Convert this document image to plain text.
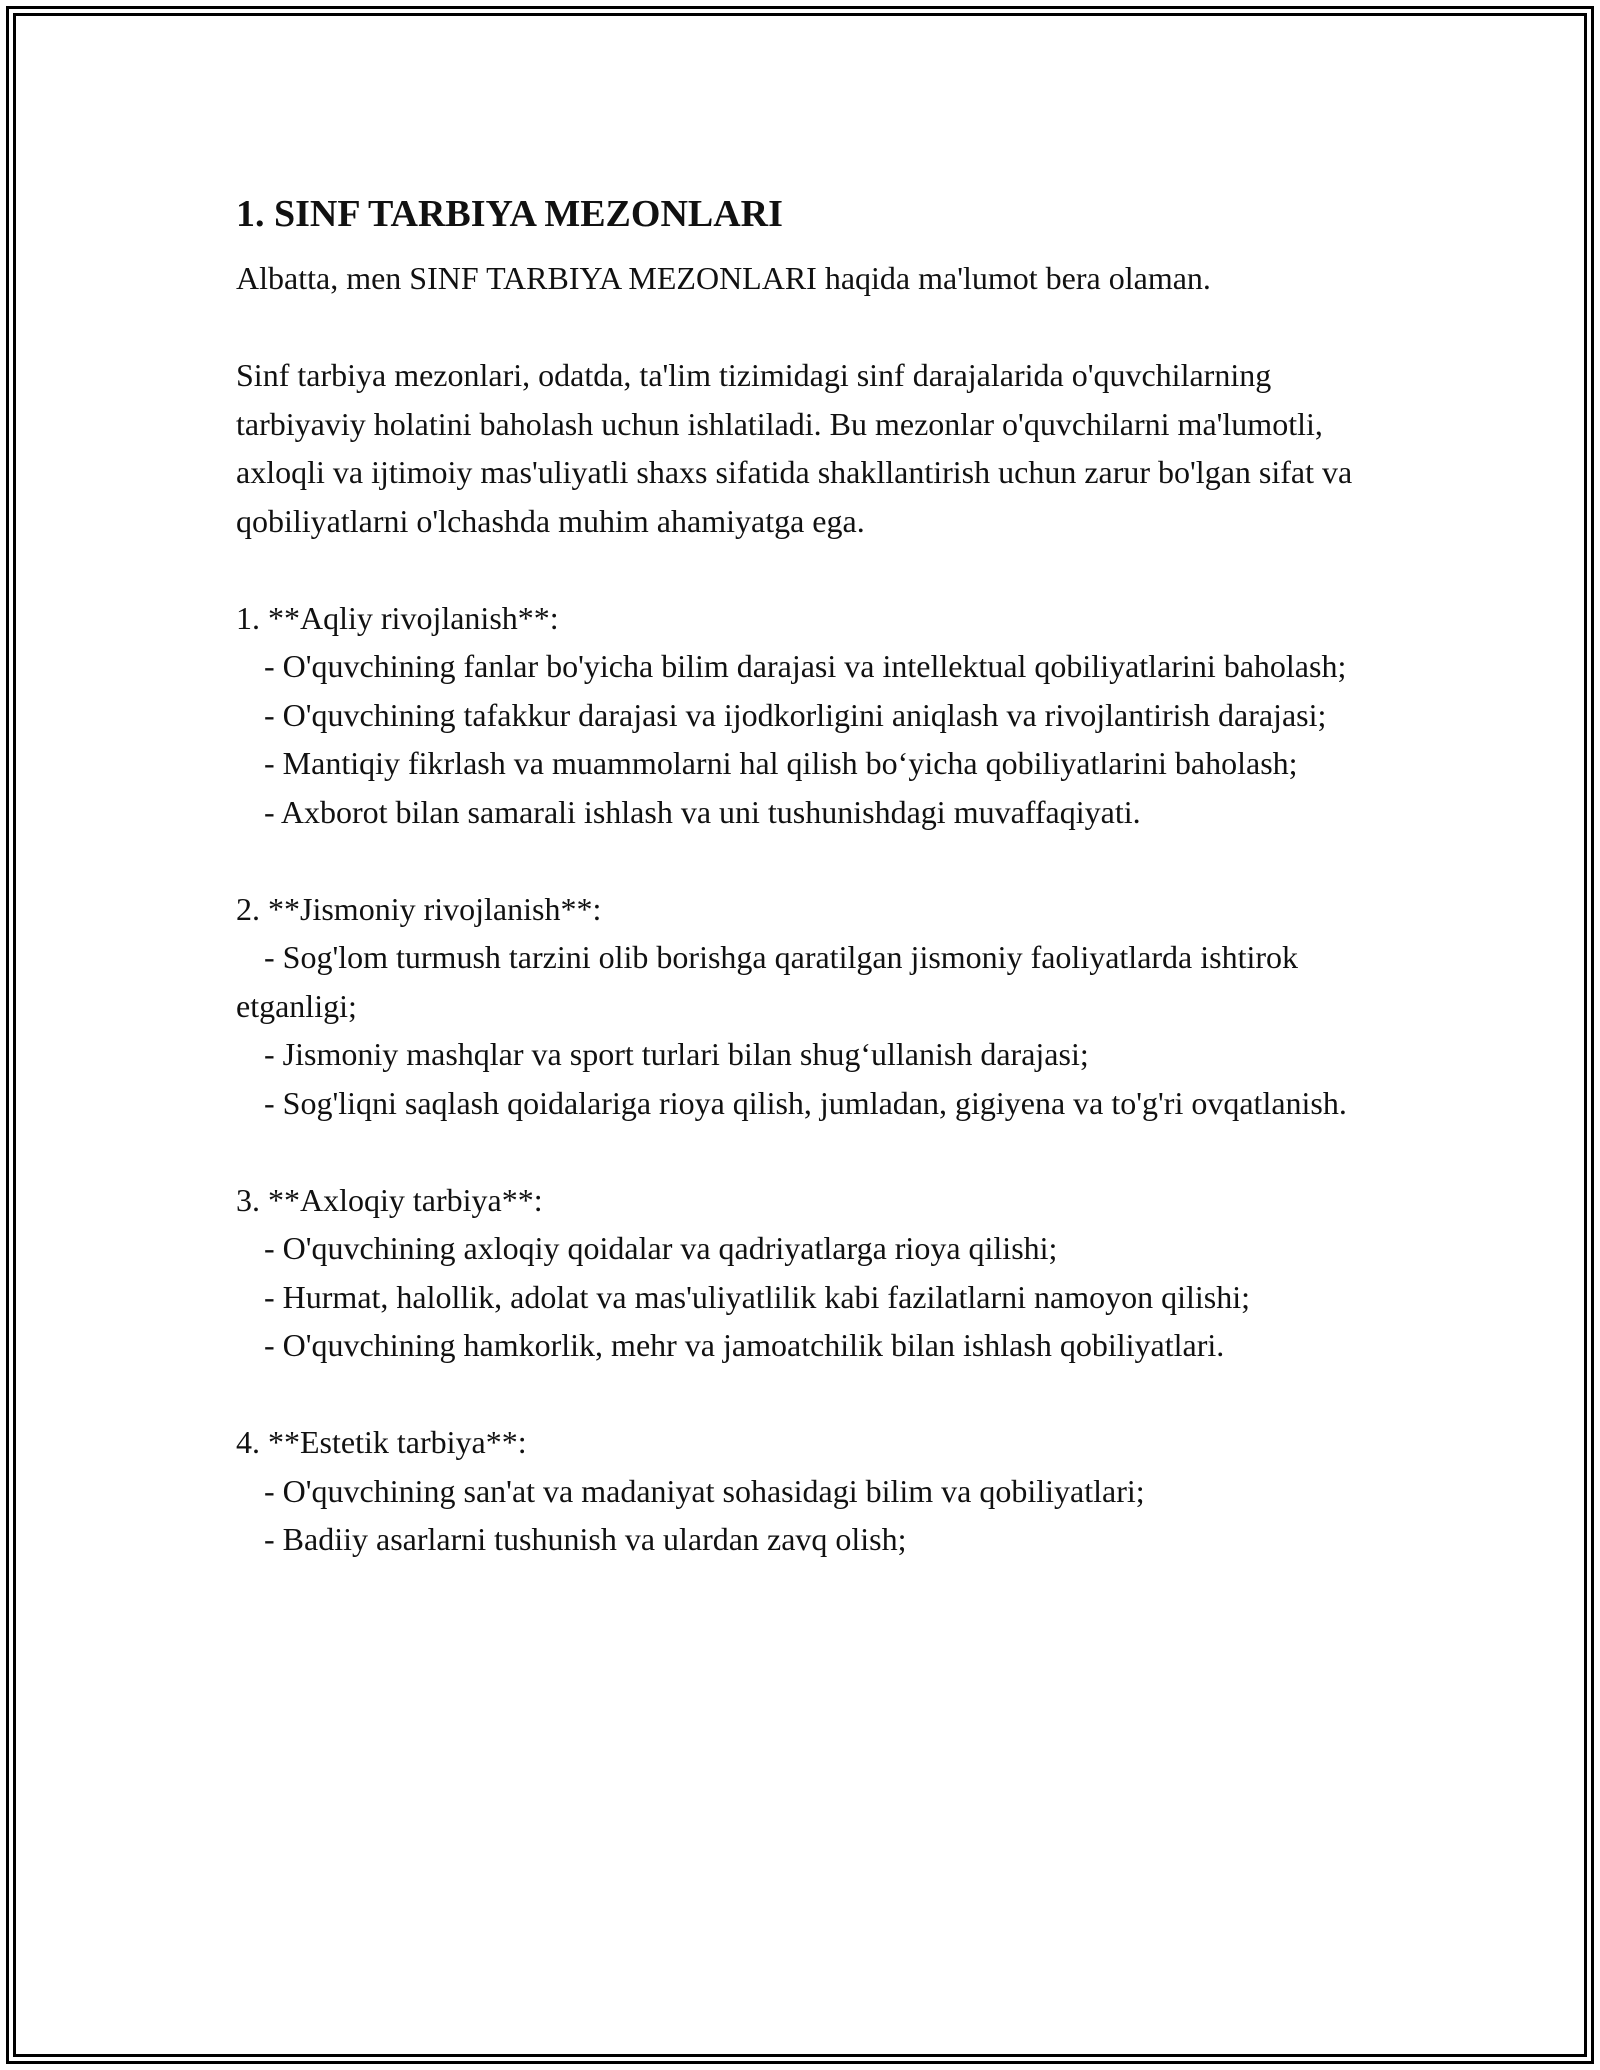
1. SINF TARBIYA MEZONLARI

Albatta, men SINF TARBIYA MEZONLARI haqida ma'lumot bera olaman.

Sinf tarbiya mezonlari, odatda, ta'lim tizimidagi sinf darajalarida o'quvchilarning tarbiyaviy holatini baholash uchun ishlatiladi. Bu mezonlar o'quvchilarni ma'lumotli, axloqli va ijtimoiy mas'uliyatli shaxs sifatida shakllantirish uchun zarur bo'lgan sifat va qobiliyatlarni o'lchashda muhim ahamiyatga ega.

1. **Aqliy rivojlanish**:
- O'quvchining fanlar bo'yicha bilim darajasi va intellektual qobiliyatlarini baholash;
- O'quvchining tafakkur darajasi va ijodkorligini aniqlash va rivojlantirish darajasi;
- Mantiqiy fikrlash va muammolarni hal qilish bo‘yicha qobiliyatlarini baholash;
- Axborot bilan samarali ishlash va uni tushunishdagi muvaffaqiyati.
2. **Jismoniy rivojlanish**:
- Sog'lom turmush tarzini olib borishga qaratilgan jismoniy faoliyatlarda ishtirok etganligi;
- Jismoniy mashqlar va sport turlari bilan shug‘ullanish darajasi;
- Sog'liqni saqlash qoidalariga rioya qilish, jumladan, gigiyena va to'g'ri ovqatlanish.
3. **Axloqiy tarbiya**:
- O'quvchining axloqiy qoidalar va qadriyatlarga rioya qilishi;
- Hurmat, halollik, adolat va mas'uliyatlilik kabi fazilatlarni namoyon qilishi;
- O'quvchining hamkorlik, mehr va jamoatchilik bilan ishlash qobiliyatlari.
4. **Estetik tarbiya**:
- O'quvchining san'at va madaniyat sohasidagi bilim va qobiliyatlari;
- Badiiy asarlarni tushunish va ulardan zavq olish;
